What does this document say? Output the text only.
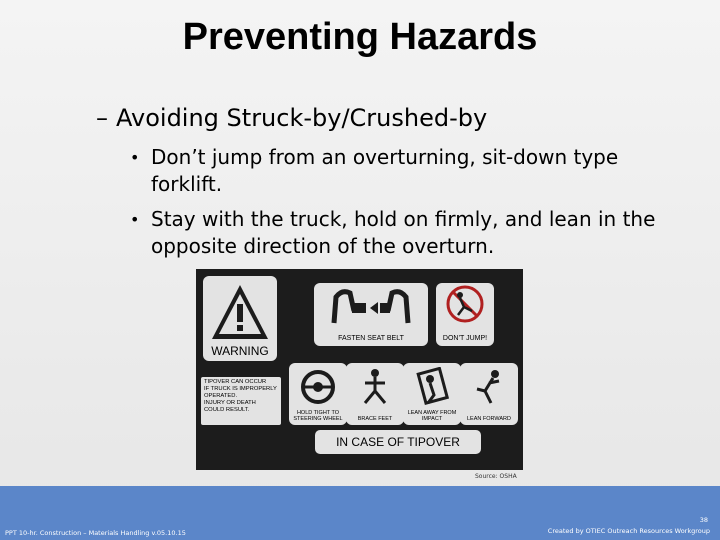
Preventing Hazards
– Avoiding Struck-by/Crushed-by
• Don’t jump from an overturning, sit-down type forklift.
• Stay with the truck, hold on firmly, and lean in the opposite direction of the overturn.
WARNING
FASTEN SEAT BELT	DON’T JUMP!
TIPOVER CAN OCCUR
IF TRUCK IS IMPROPERLY
OPERATED.
INJURY OR DEATH
COULD RESULT.	HOLD TIGHT TO STEERING WHEEL	BRACE FEET
LEAN AWAY FROM IMPACT	LEAN FORWARD
IN CASE OF TIPOVER
Source: OSHA
PPT 10-hr. Construction – Materials Handling v.05.10.15
38
Created by OTIEC Outreach Resources Workgroup
